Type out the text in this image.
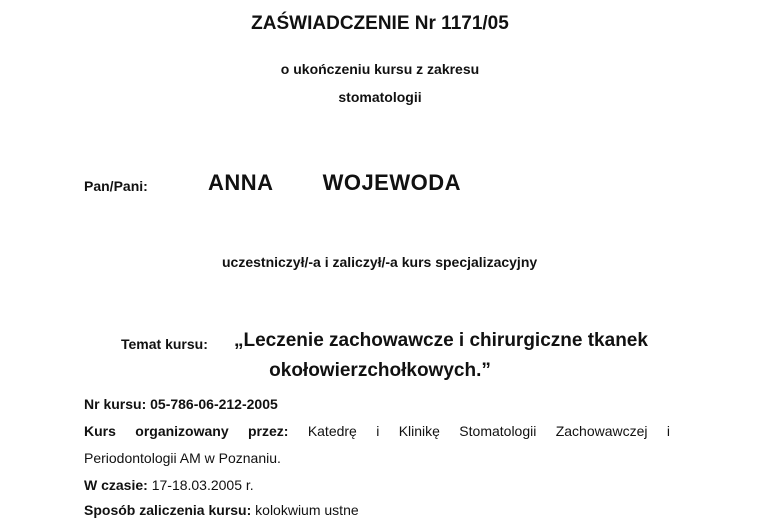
ZAŚWIADCZENIE Nr 1171/05
o ukończeniu kursu z zakresu
stomatologii
Pan/Pani:	ANNA   WOJEWODA
uczestniczył/-a i zaliczył/-a kurs specjalizacyjny
Temat kursu: „Leczenie zachowawcze i chirurgiczne tkanek
okołowierzchołkowych.”
Nr kursu: 05-786-06-212-2005
Kurs organizowany przez: Katedrę i Klinikę Stomatologii Zachowawczej i
Periodontologii AM w Poznaniu.
W czasie: 17-18.03.2005 r.
Sposób zaliczenia kursu: kolokwium ustne
